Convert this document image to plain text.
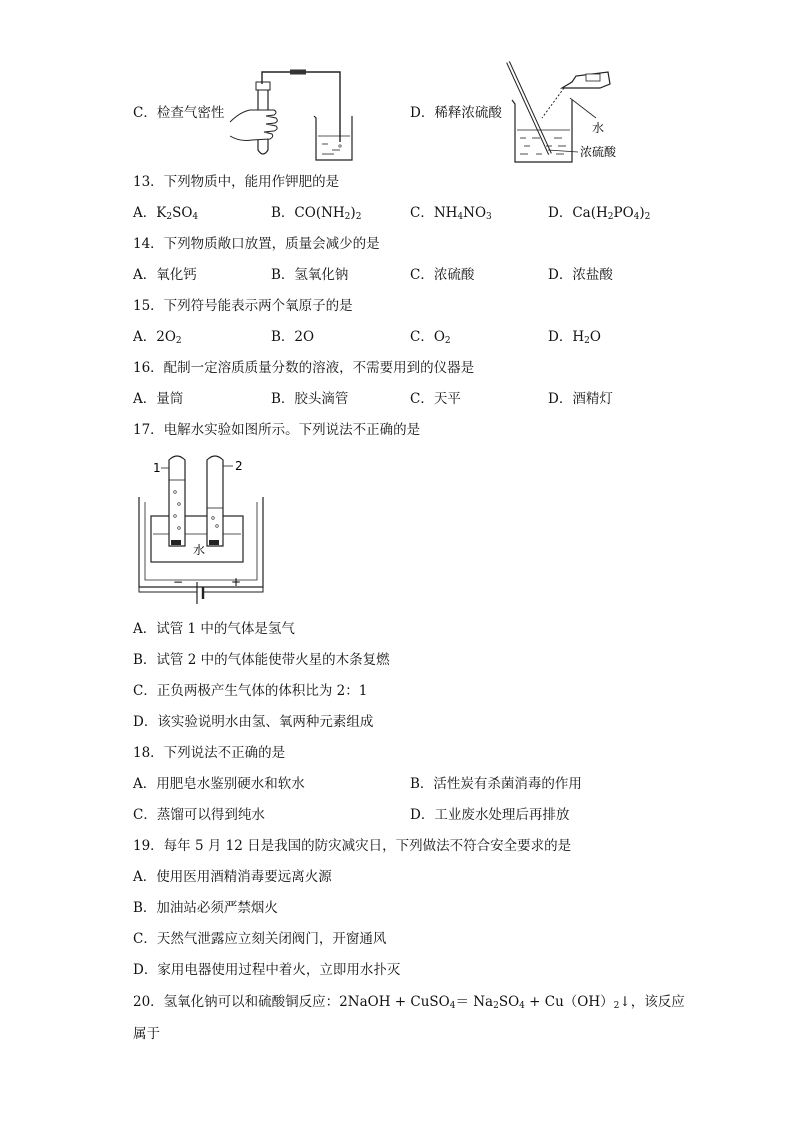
C．检查气密性	D．稀释浓硫酸
水
浓硫酸
13．下列物质中，能用作钾肥的是
A．$K_2SO_4$	B．$CO(NH_2)_2$	C．$NH_4NO_3$	D．$Ca(H_2PO_4)_2$
14．下列物质敞口放置，质量会减少的是
A．氧化钙	B．氢氧化钠	C．浓硫酸	D．浓盐酸
15．下列符号能表示两个氧原子的是
A．$2O_2$	B．2O	C．$O_2$	D．$H_2O$
16．配制一定溶质质量分数的溶液，不需要用到的仪器是
A．量筒	B．胶头滴管	C．天平	D．酒精灯
17．电解水实验如图所示。下列说法不正确的是
1	2
水
−	+
A．试管 1 中的气体是氢气
B．试管 2 中的气体能使带火星的木条复燃
C．正负两极产生气体的体积比为 2：1
D．该实验说明水由氢、氧两种元素组成
18．下列说法不正确的是
A．用肥皂水鉴别硬水和软水	B．活性炭有杀菌消毒的作用
C．蒸馏可以得到纯水	D．工业废水处理后再排放
19．每年 5 月 12 日是我国的防灾减灾日，下列做法不符合安全要求的是
A．使用医用酒精消毒要远离火源
B．加油站必须严禁烟火
C．天然气泄露应立刻关闭阀门，开窗通风
D．家用电器使用过程中着火，立即用水扑灭
20．氢氧化钠可以和硫酸铜反应：2NaOH + CuSO$_4$＝ $Na_2SO_4$ + $Cu(OH)_2↓$，该反应
属于
